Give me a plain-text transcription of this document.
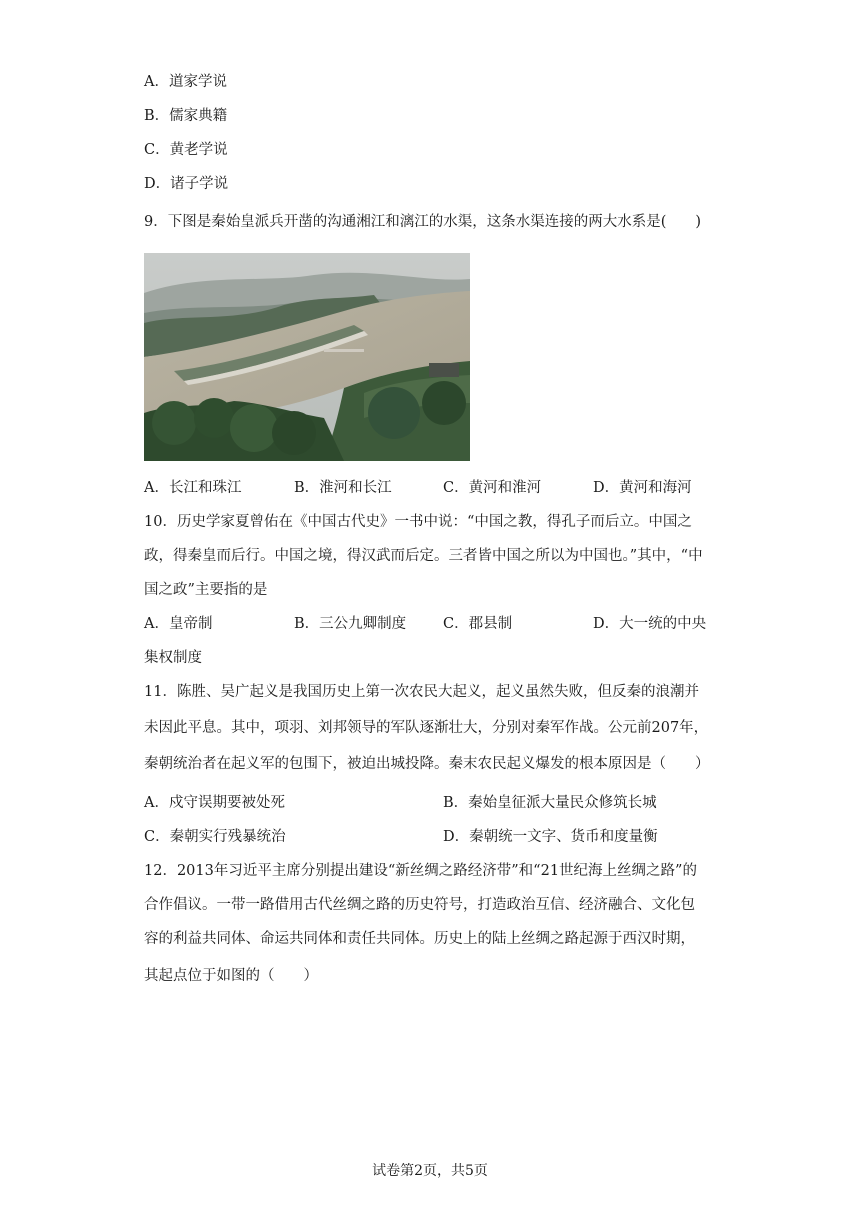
A．道家学说
B．儒家典籍
C．黄老学说
D．诸子学说
9．下图是秦始皇派兵开凿的沟通湘江和漓江的水渠，这条水渠连接的两大水系是(　　)
A．长江和珠江	B．淮河和长江	C．黄河和淮河	D．黄河和海河
10．历史学家夏曾佑在《中国古代史》一书中说：“中国之教，得孔子而后立。中国之
政，得秦皇而后行。中国之境，得汉武而后定。三者皆中国之所以为中国也。”其中，“中
国之政”主要指的是
A．皇帝制	B．三公九卿制度	C．郡县制	D．大一统的中央
集权制度
11．陈胜、吴广起义是我国历史上第一次农民大起义，起义虽然失败，但反秦的浪潮并
未因此平息。其中，项羽、刘邦领导的军队逐渐壮大，分别对秦军作战。公元前207年，
秦朝统治者在起义军的包围下，被迫出城投降。秦末农民起义爆发的根本原因是（　　）
A．戍守误期要被处死	B．秦始皇征派大量民众修筑长城
C．秦朝实行残暴统治	D．秦朝统一文字、货币和度量衡
12．2013年习近平主席分别提出建设“新丝绸之路经济带”和“21世纪海上丝绸之路”的
合作倡议。一带一路借用古代丝绸之路的历史符号，打造政治互信、经济融合、文化包
容的利益共同体、命运共同体和责任共同体。历史上的陆上丝绸之路起源于西汉时期，
其起点位于如图的（　　）
试卷第2页，共5页
